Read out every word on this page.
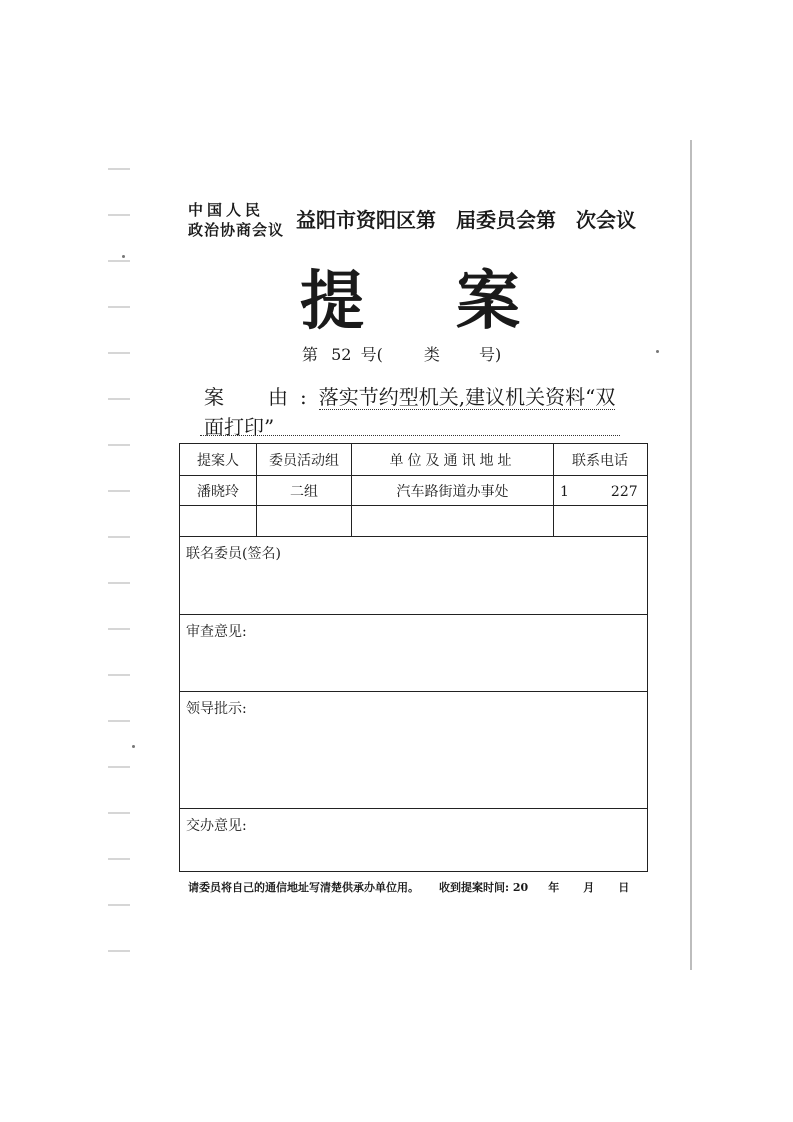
中国人民
政治协商会议 益阳市资阳区第　届委员会第　次会议
提 案
第 52 号(	类 号)
案　由:落实节约型机关,建议机关资料“双
面打印”
提案人	委员活动组	单位及通讯地址	联系电话
潘晓玲	二组	汽车路街道办事处	1　　　227
联名委员(签名)
审查意见:
领导批示:
交办意见:
请委员将自己的通信地址写清楚供承办单位用。 收到提案时间: 20 年 月 日
